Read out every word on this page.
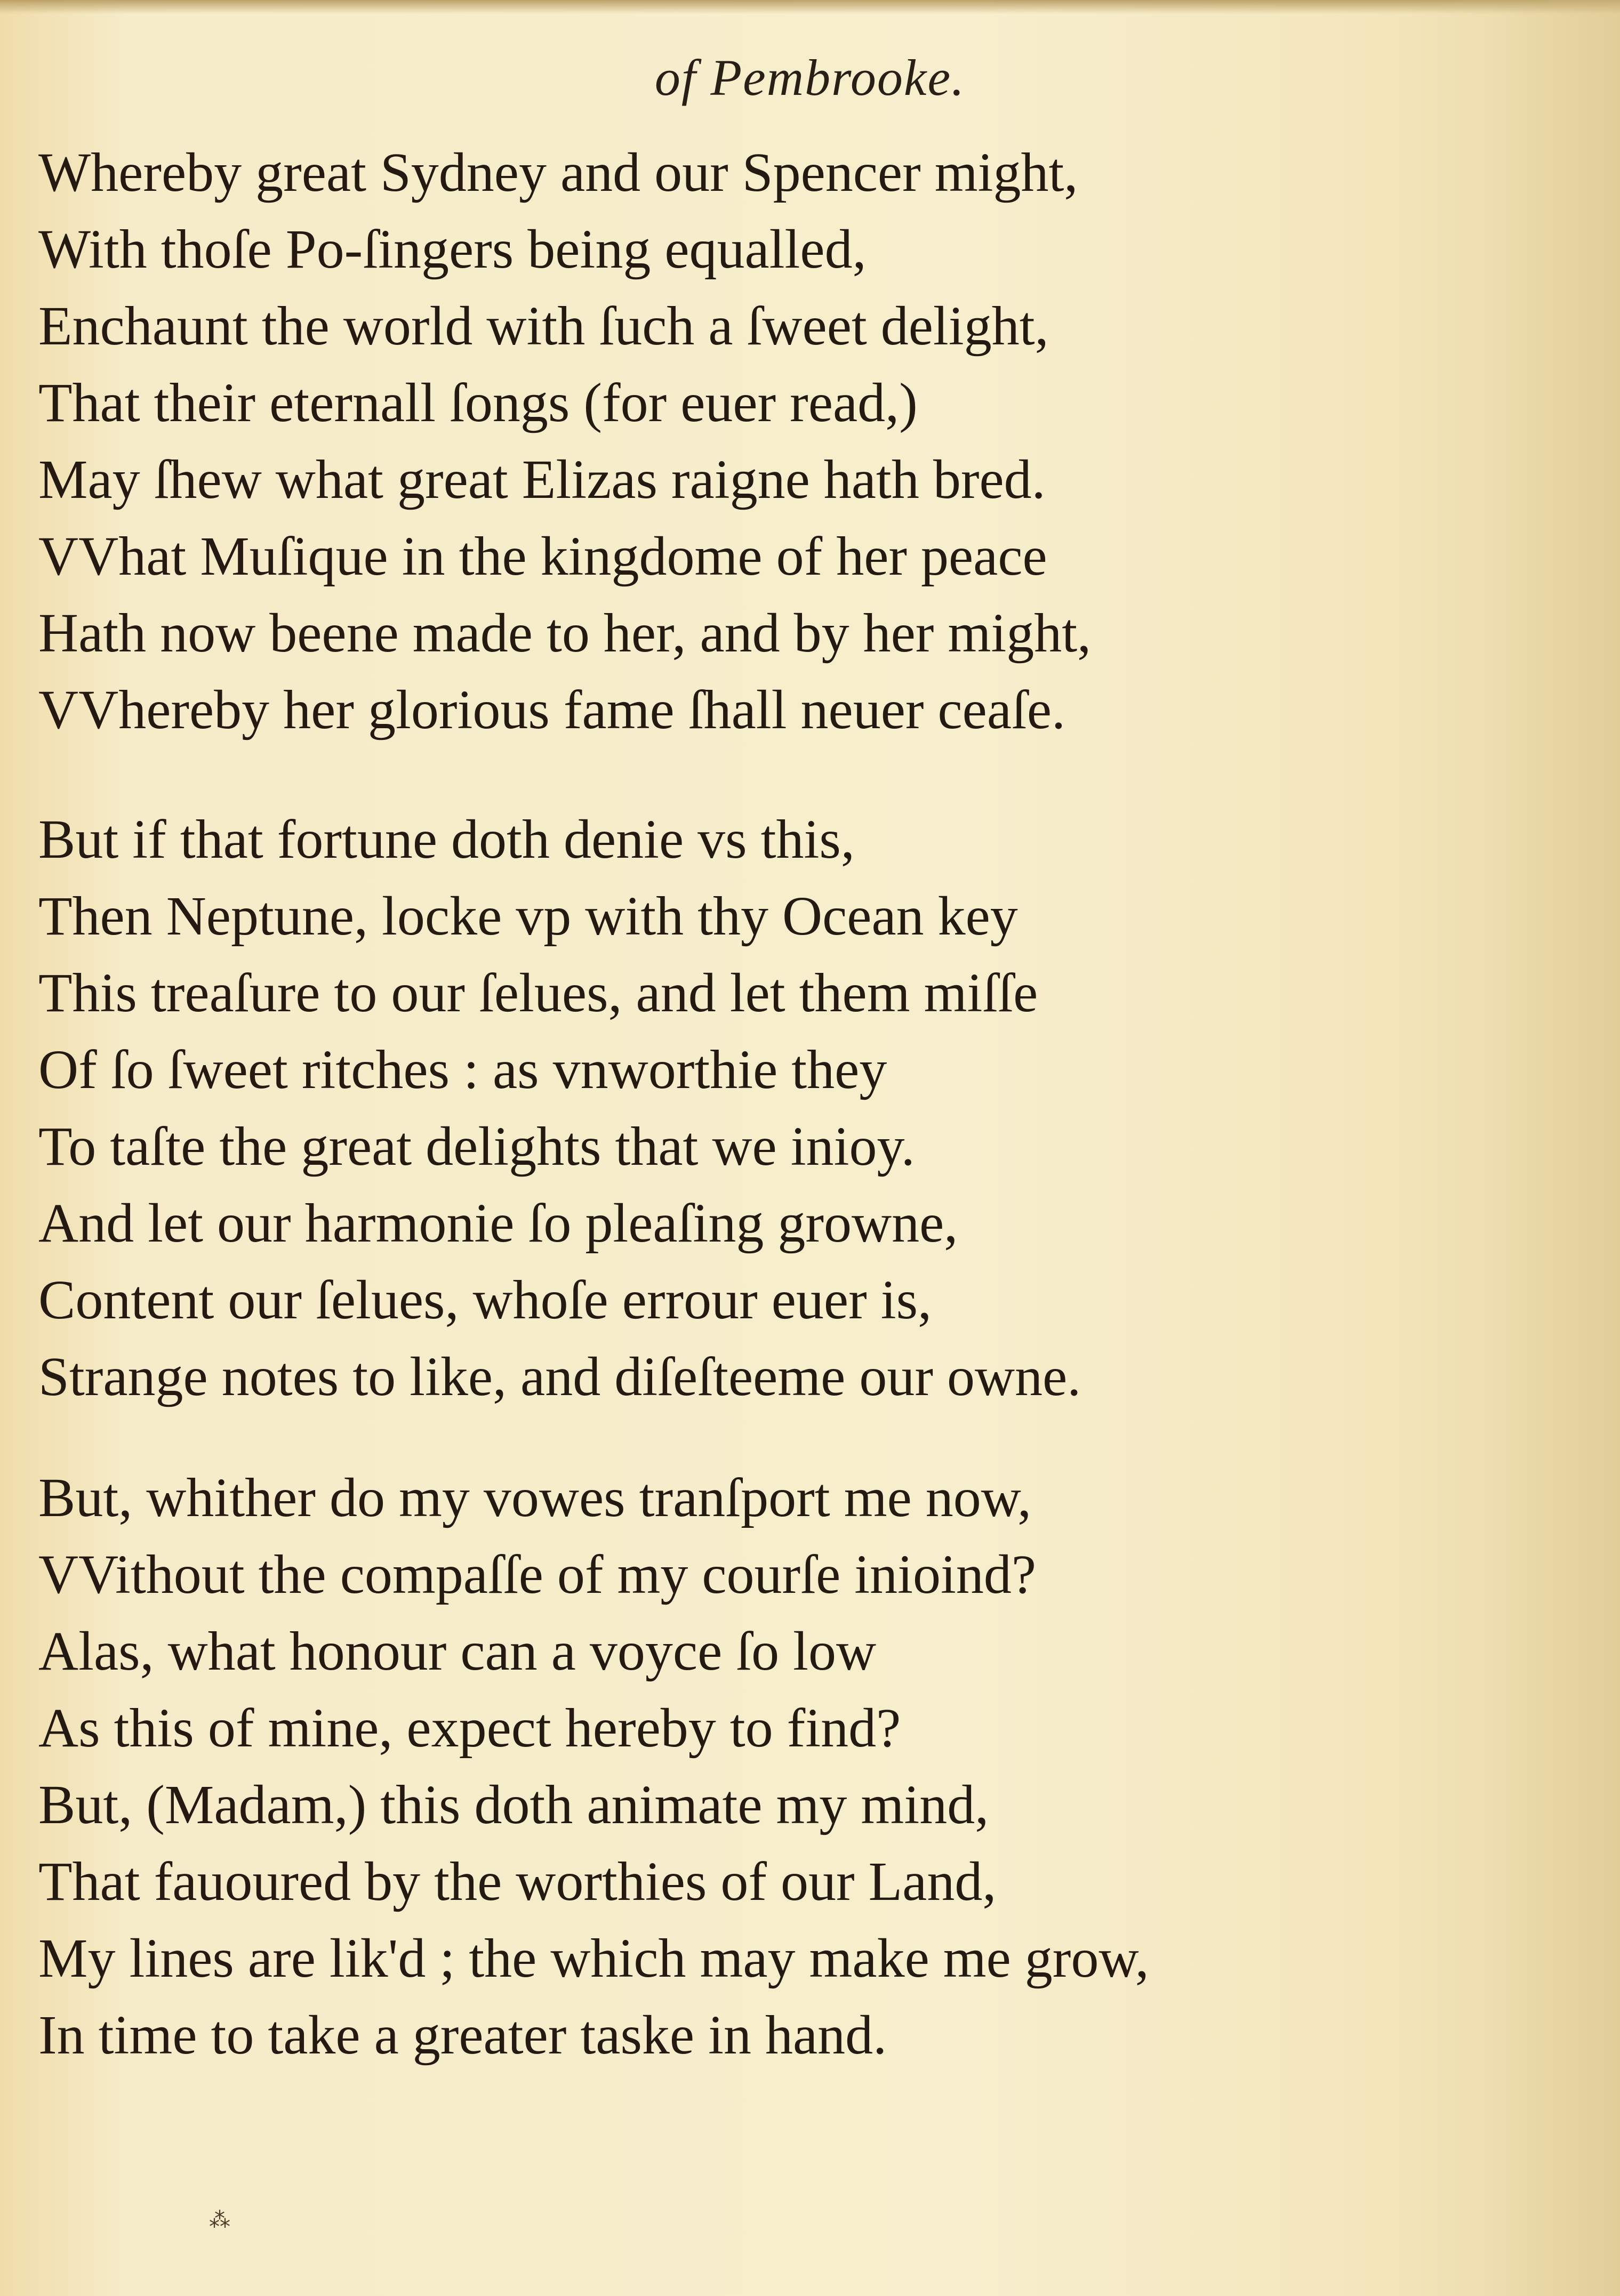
of Pembrooke.
Whereby great Sydney and our Spencer might,
With thoſe Po-ſingers being equalled,
Enchaunt the world with ſuch a ſweet delight,
That their eternall ſongs (for euer read,)
May ſhew what great Elizas raigne hath bred.
VVhat Muſique in the kingdome of her peace
Hath now beene made to her, and by her might,
VVhereby her glorious fame ſhall neuer ceaſe.
But if that fortune doth denie vs this,
Then Neptune, locke vp with thy Ocean key
This treaſure to our ſelues, and let them miſſe
Of ſo ſweet ritches : as vnworthie they
To taſte the great delights that we inioy.
And let our harmonie ſo pleaſing growne,
Content our ſelues, whoſe errour euer is,
Strange notes to like, and diſeſteeme our owne.
But, whither do my vowes tranſport me now,
VVithout the compaſſe of my courſe inioind?
Alas, what honour can a voyce ſo low
As this of mine, expect hereby to find?
But, (Madam,) this doth animate my mind,
That fauoured by the worthies of our Land,
My lines are lik'd ; the which may make me grow,
In time to take a greater taske in hand.
⁂
